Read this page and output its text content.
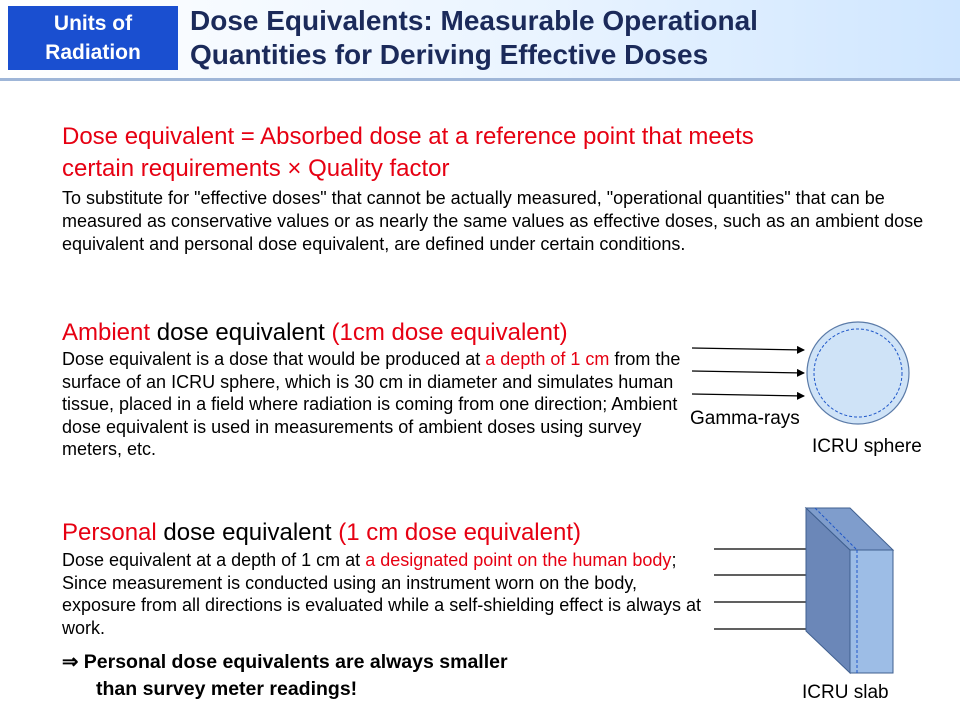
Units of
Radiation
Dose Equivalents: Measurable Operational
Quantities for Deriving Effective Doses
Dose equivalent = Absorbed dose at a reference point that meets
certain requirements × Quality factor
To substitute for "effective doses" that cannot be actually measured, "operational quantities" that can be measured as conservative values or as nearly the same values as effective doses, such as an ambient dose equivalent and personal dose equivalent, are defined under certain conditions.
Ambient dose equivalent (1cm dose equivalent)
Dose equivalent is a dose that would be produced at a depth of 1 cm from the surface of an ICRU sphere, which is 30 cm in diameter and simulates human tissue, placed in a field where radiation is coming from one direction; Ambient dose equivalent is used in measurements of ambient doses using survey meters, etc.
Personal dose equivalent (1 cm dose equivalent)
Dose equivalent at a depth of 1 cm at a designated point on the human body; Since measurement is conducted using an instrument worn on the body, exposure from all directions is evaluated while a self-shielding effect is always at work.
⇒ Personal dose equivalents are always smaller
than survey meter readings!
Gamma-rays
ICRU sphere
ICRU slab
